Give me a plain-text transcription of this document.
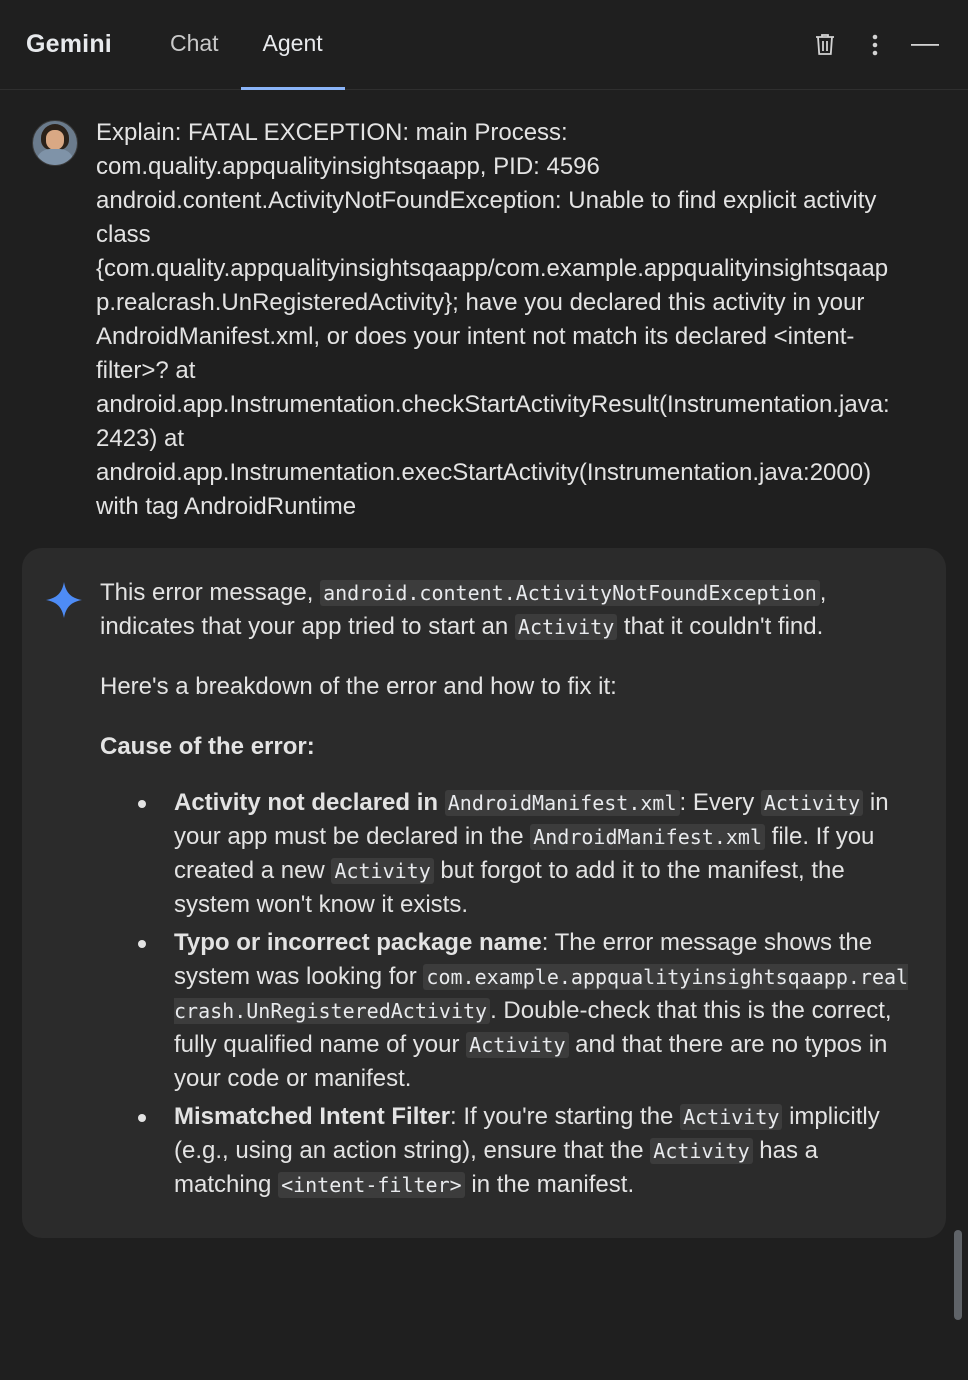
Gemini	Chat Agent
Explain: FATAL EXCEPTION: main Process: com.quality.appqualityinsightsqaapp, PID: 4596 android.content.ActivityNotFoundException: Unable to find explicit activity class {com.quality.appqualityinsightsqaapp/com.example.appqualityinsightsqaapp.realcrash.UnRegisteredActivity}; have you declared this activity in your AndroidManifest.xml, or does your intent not match its declared <intent-filter>? at android.app.Instrumentation.checkStartActivityResult(Instrumentation.java:2423) at android.app.Instrumentation.execStartActivity(Instrumentation.java:2000) with tag AndroidRuntime

This error message, android.content.ActivityNotFoundException , indicates that your app tried to start an Activity that it couldn't find.

Here's a breakdown of the error and how to fix it:

Cause of the error:

Activity not declared in AndroidManifest.xml : Every Activity in your app must be declared in the AndroidManifest.xml file. If you created a new Activity but forgot to add it to the manifest, the system won't know it exists.
Typo or incorrect package name: The error message shows the system was looking for com.example.appqualityinsightsqaapp.realcrash.UnRegisteredActivity . Double-check that this is the correct, fully qualified name of your Activity and that there are no typos in your code or manifest.
Mismatched Intent Filter: If you're starting the Activity implicitly (e.g., using an action string), ensure that the Activity has a matching <intent-filter> in the manifest.
